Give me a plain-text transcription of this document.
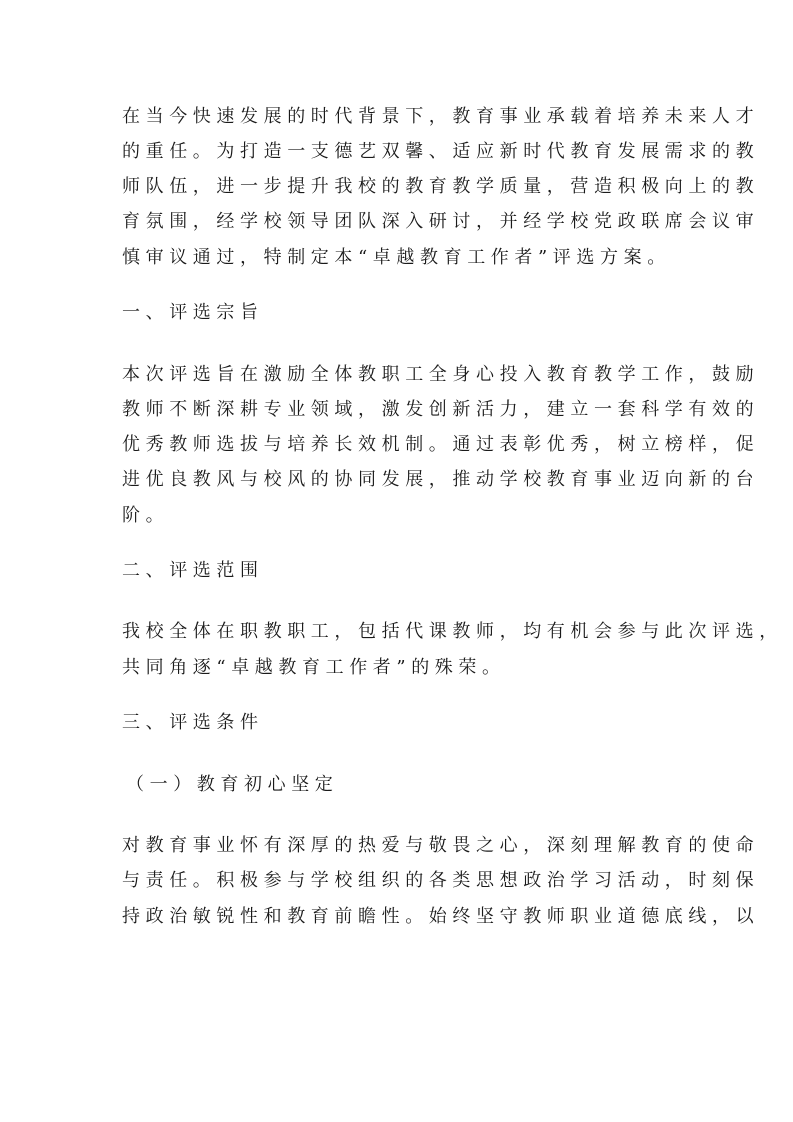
在当今快速发展的时代背景下，教育事业承载着培养未来人才
的重任。为打造一支德艺双馨、适应新时代教育发展需求的教
师队伍，进一步提升我校的教育教学质量，营造积极向上的教
育氛围，经学校领导团队深入研讨，并经学校党政联席会议审
慎审议通过，特制定本“卓越教育工作者”评选方案。
一、评选宗旨
本次评选旨在激励全体教职工全身心投入教育教学工作，鼓励
教师不断深耕专业领域，激发创新活力，建立一套科学有效的
优秀教师选拔与培养长效机制。通过表彰优秀，树立榜样，促
进优良教风与校风的协同发展，推动学校教育事业迈向新的台
阶。
二、评选范围
我校全体在职教职工，包括代课教师，均有机会参与此次评选，
共同角逐“卓越教育工作者”的殊荣。
三、评选条件
（一）教育初心坚定
对教育事业怀有深厚的热爱与敬畏之心，深刻理解教育的使命
与责任。积极参与学校组织的各类思想政治学习活动，时刻保
持政治敏锐性和教育前瞻性。始终坚守教师职业道德底线，以
